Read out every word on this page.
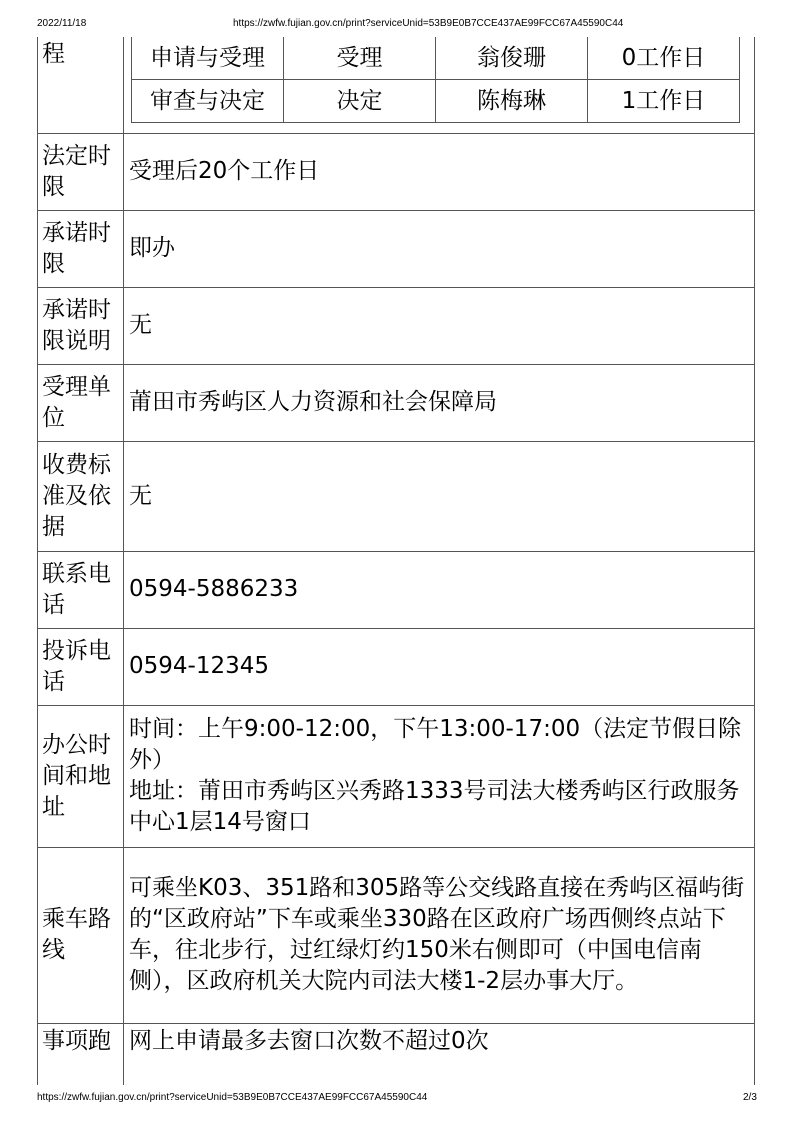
2022/11/18	https://zwfw.fujian.gov.cn/print?serviceUnid=53B9E0B7CCE437AE99FCC67A45590C44
程		申请与受理	受理	翁俊珊	0工作日
审查与决定	决定	陈梅琳	1工作日

法定时限	受理后20个工作日
承诺时限	即办
承诺时限说明	无
受理单位	莆田市秀屿区人力资源和社会保障局
收费标准及依据	无
联系电话	0594-5886233
投诉电话	0594-12345
办公时间和地址	
时间：上午9:00-12:00，下午13:00-17:00（法定节假日除外）
地址：莆田市秀屿区兴秀路1333号司法大楼秀屿区行政服务中心1层14号窗口

乘车路线	可乘坐K03、351路和305路等公交线路直接在秀屿区福屿街的“区政府站”下车或乘坐330路在区政府广场西侧终点站下车，往北步行，过红绿灯约150米右侧即可（中国电信南侧），区政府机关大院内司法大楼1-2层办事大厅。
事项跑	网上申请最多去窗口次数不超过0次
https://zwfw.fujian.gov.cn/print?serviceUnid=53B9E0B7CCE437AE99FCC67A45590C44	2/3
